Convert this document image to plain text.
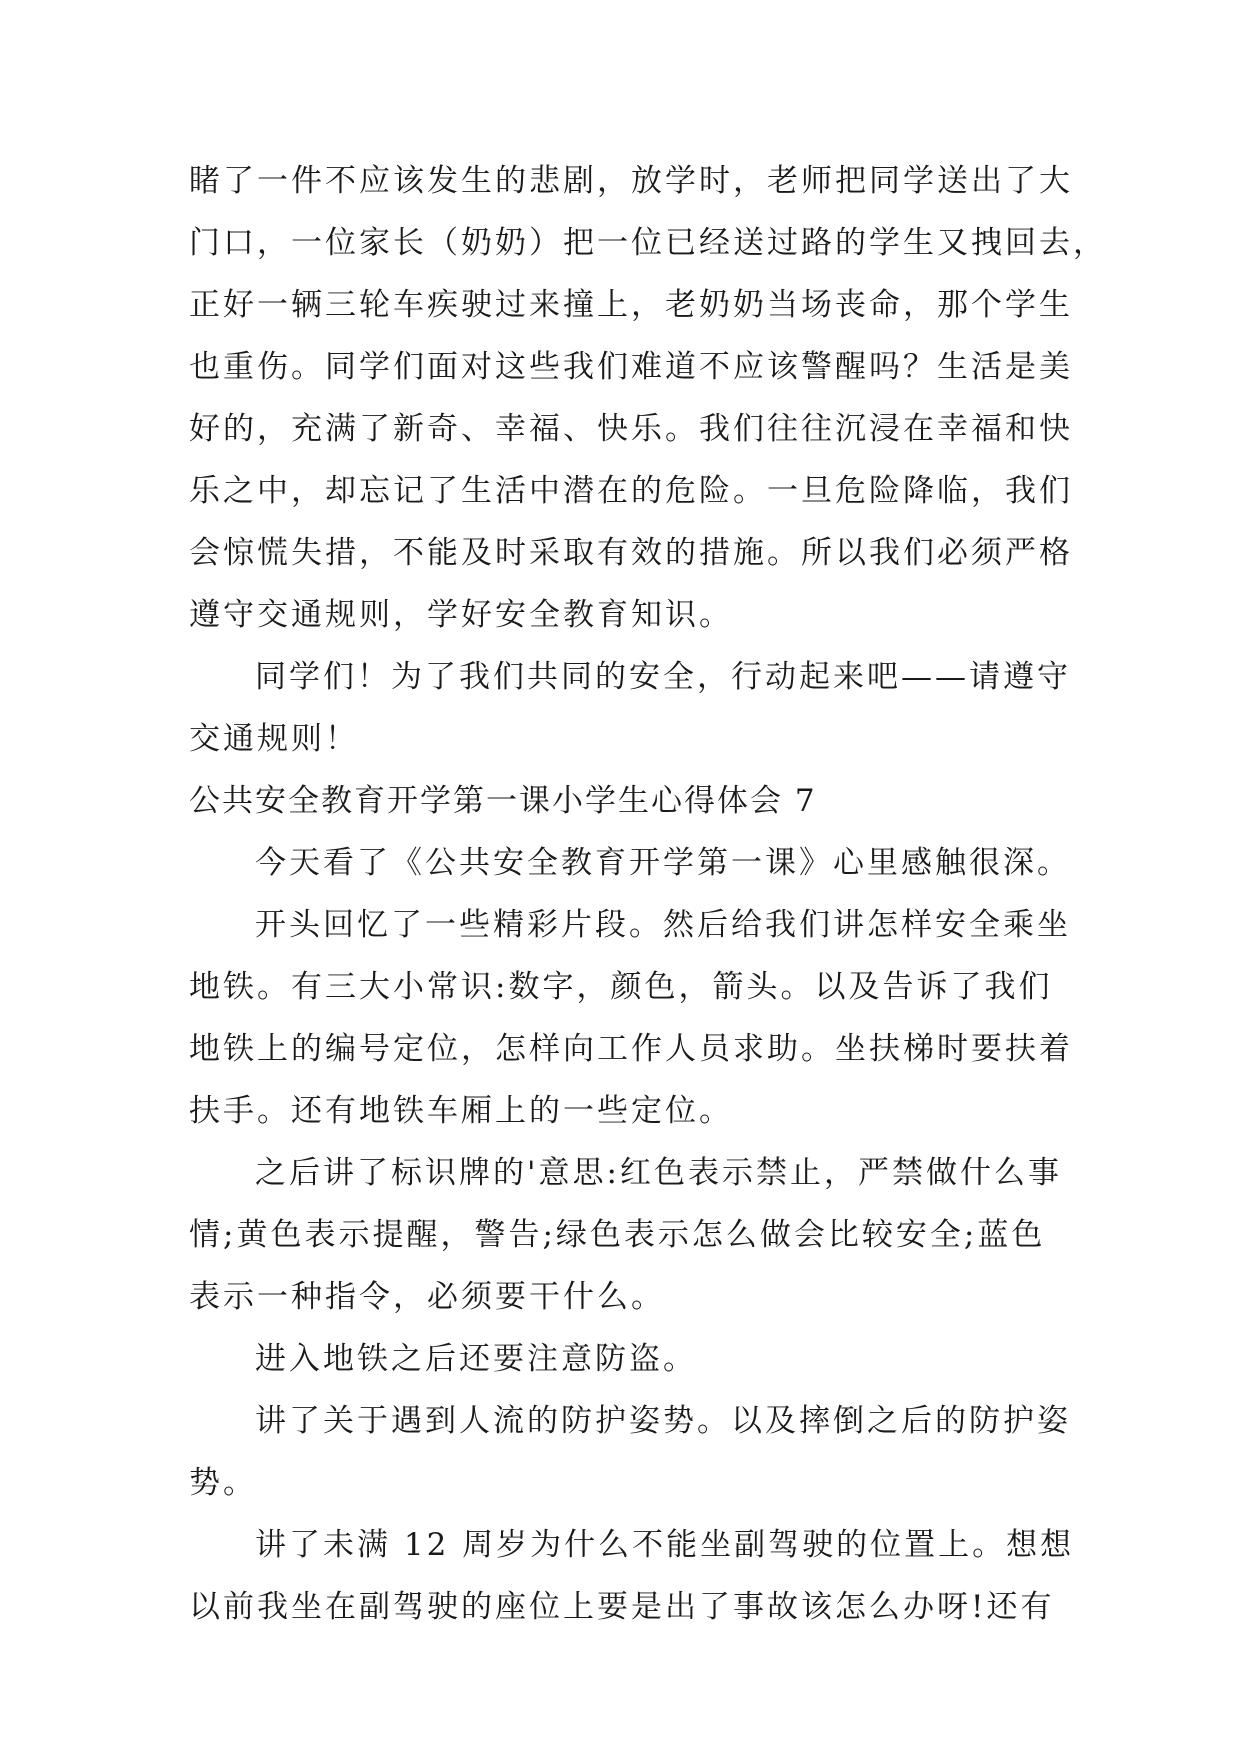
睹了一件不应该发生的悲剧，放学时，老师把同学送出了大
门口，一位家长（奶奶）把一位已经送过路的学生又拽回去，
正好一辆三轮车疾驶过来撞上，老奶奶当场丧命，那个学生
也重伤。同学们面对这些我们难道不应该警醒吗？生活是美
好的，充满了新奇、幸福、快乐。我们往往沉浸在幸福和快
乐之中，却忘记了生活中潜在的危险。一旦危险降临，我们
会惊慌失措，不能及时采取有效的措施。所以我们必须严格
遵守交通规则，学好安全教育知识。
同学们！为了我们共同的安全，行动起来吧——请遵守
交通规则！
公共安全教育开学第一课小学生心得体会 7
今天看了《公共安全教育开学第一课》心里感触很深。
开头回忆了一些精彩片段。然后给我们讲怎样安全乘坐
地铁。有三大小常识:数字，颜色，箭头。以及告诉了我们
地铁上的编号定位，怎样向工作人员求助。坐扶梯时要扶着
扶手。还有地铁车厢上的一些定位。
之后讲了标识牌的'意思:红色表示禁止，严禁做什么事
情;黄色表示提醒，警告;绿色表示怎么做会比较安全;蓝色
表示一种指令，必须要干什么。
进入地铁之后还要注意防盗。
讲了关于遇到人流的防护姿势。以及摔倒之后的防护姿
势。
讲了未满 12 周岁为什么不能坐副驾驶的位置上。想想
以前我坐在副驾驶的座位上要是出了事故该怎么办呀!还有
